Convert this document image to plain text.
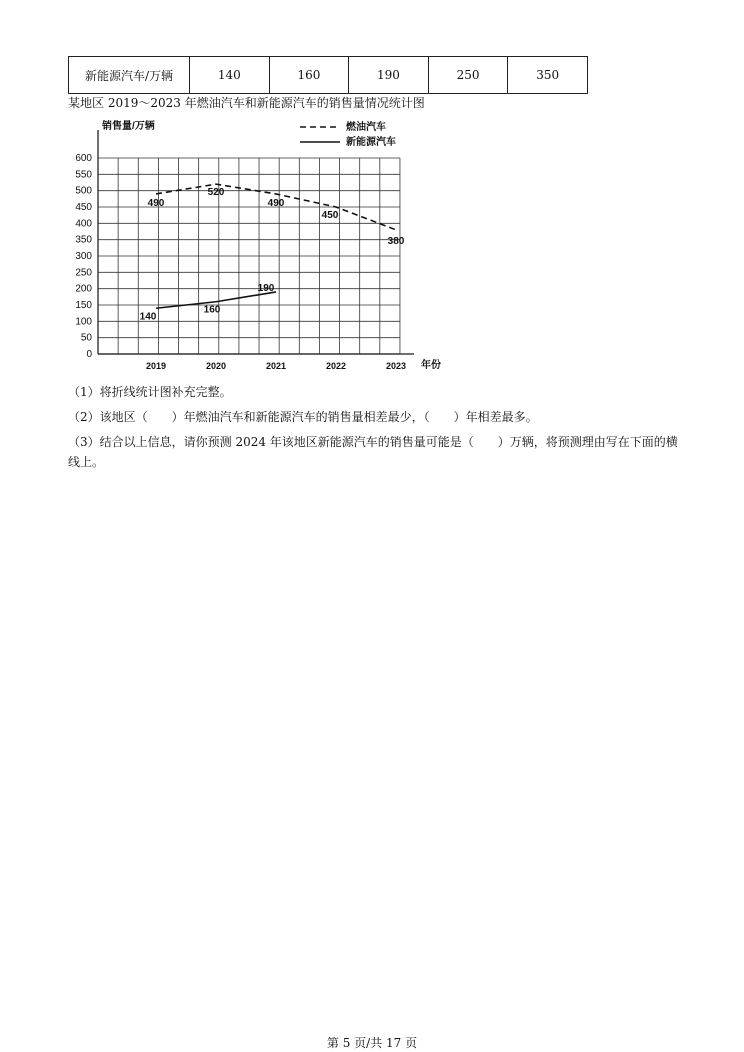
新能源汽车/万辆	140	160	190	250	350
某地区 2019～2023 年燃油汽车和新能源汽车的销售量情况统计图
0
50
100
150
200
250
300
350
400
450
500
550
600
销售量/万辆
年份
2019	2020	2021	2022	2023
490
520
490
450
380
140
160
190
燃油汽车
新能源汽车
（1）将折线统计图补充完整。
（2）该地区（　　）年燃油汽车和新能源汽车的销售量相差最少，（　　）年相差最多。
（3）结合以上信息，请你预测 2024 年该地区新能源汽车的销售量可能是（　　）万辆，将预测理由写在下面的横线上。
第 5 页/共 17 页
